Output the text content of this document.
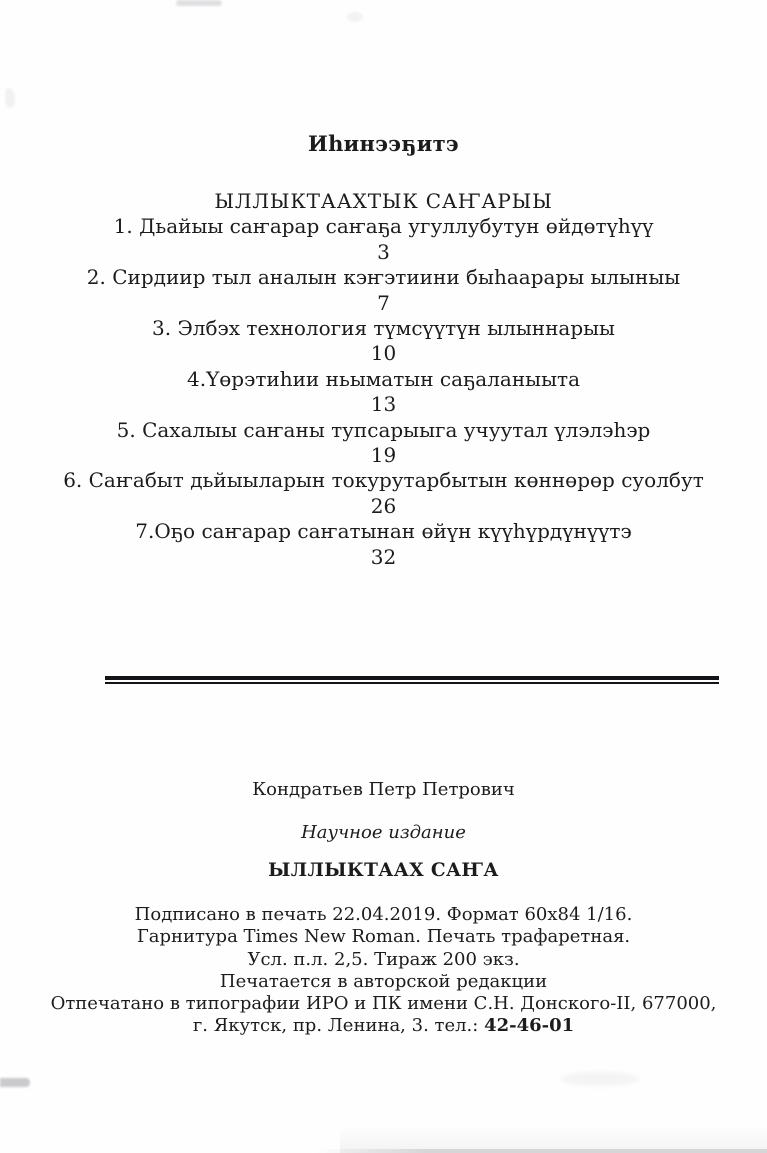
Иһинээҕитэ
ЫЛЛЫКТААХТЫК САҤАРЫЫ
1. Дьайыы саҥарар саҥаҕа угуллубутун өйдөтүһүү
3
2. Сирдиир тыл аналын кэҥэтиини быһаарары ылыныы
7
3. Элбэх технология түмсүүтүн ылыннарыы
10
4.Үөрэтиһии ньыматын саҕаланыыта
13
5. Сахалыы саҥаны тупсарыыга учуутал үлэлэһэр
19
6. Саҥабыт дьйыыларын токурутарбытын көннөрөр суолбут
26
7.Оҕо саҥарар саҥатынан өйүн күүһүрдүнүүтэ
32
Кондратьев Петр Петрович
Научное издание
ЫЛЛЫКТААХ САҤА
Подписано в печать 22.04.2019. Формат 60х84 1/16.
Гарнитура Times New Roman. Печать трафаретная.
Усл. п.л. 2,5. Тираж 200 экз.
Печатается в авторской редакции
Отпечатано в типографии ИРО и ПК имени С.Н. Донского-II, 677000,
г. Якутск, пр. Ленина, 3. тел.: 42-46-01
